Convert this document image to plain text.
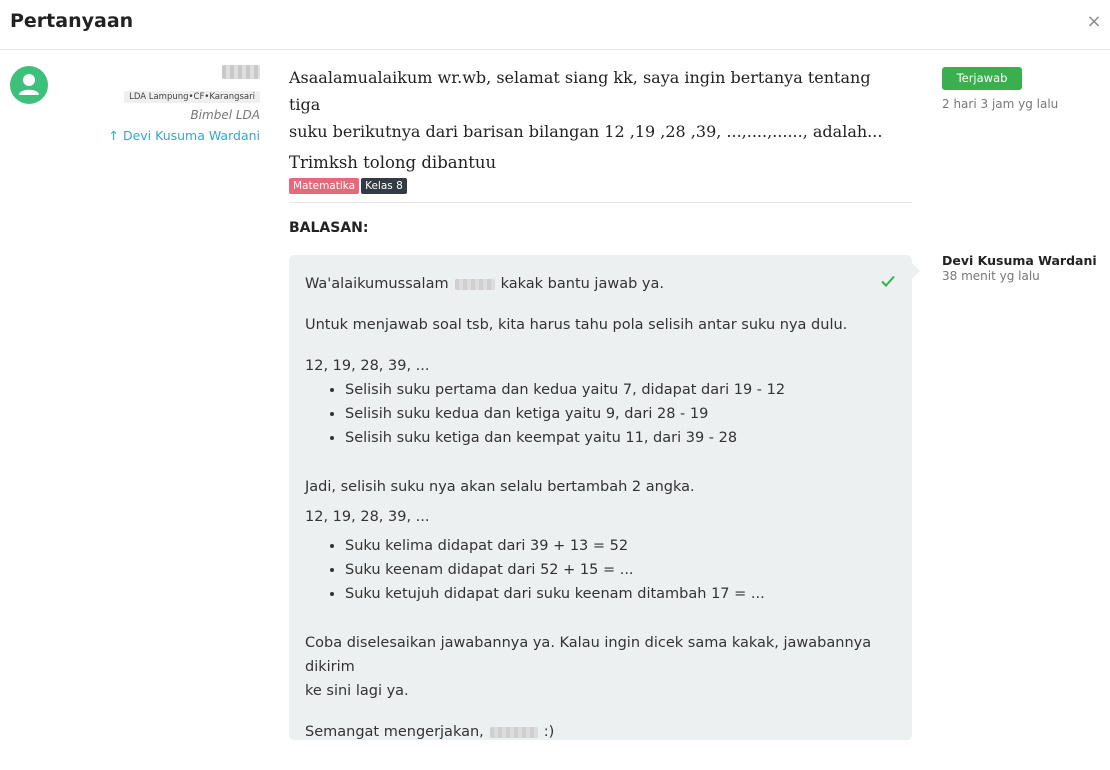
Pertanyaan	×
LDA Lampung•CF•Karangsari
Bimbel LDA
↑ Devi Kusuma Wardani
Asaalamualaikum wr.wb, selamat siang kk, saya ingin bertanya tentang tiga
suku berikutnya dari barisan bilangan 12 ,19 ,28 ,39, ...,....,......, adalah...
Trimksh tolong dibantuu
Matematika Kelas 8
Terjawab
2 hari 3 jam yg lalu
BALASAN:

Wa'alaikumussalam	kakak bantu jawab ya.

Untuk menjawab soal tsb, kita harus tahu pola selisih antar suku nya dulu.

12, 19, 28, 39, ...

• Selisih suku pertama dan kedua yaitu 7, didapat dari 19 - 12
• Selisih suku kedua dan ketiga yaitu 9, dari 28 - 19
• Selisih suku ketiga dan keempat yaitu 11, dari 39 - 28

Jadi, selisih suku nya akan selalu bertambah 2 angka.

12, 19, 28, 39, ...

• Suku kelima didapat dari 39 + 13 = 52
• Suku keenam didapat dari 52 + 15 = ...
• Suku ketujuh didapat dari suku keenam ditambah 17 = ...

Coba diselesaikan jawabannya ya. Kalau ingin dicek sama kakak, jawabannya dikirim
ke sini lagi ya.

Semangat mengerjakan,	:)

Devi Kusuma Wardani
38 menit yg lalu
